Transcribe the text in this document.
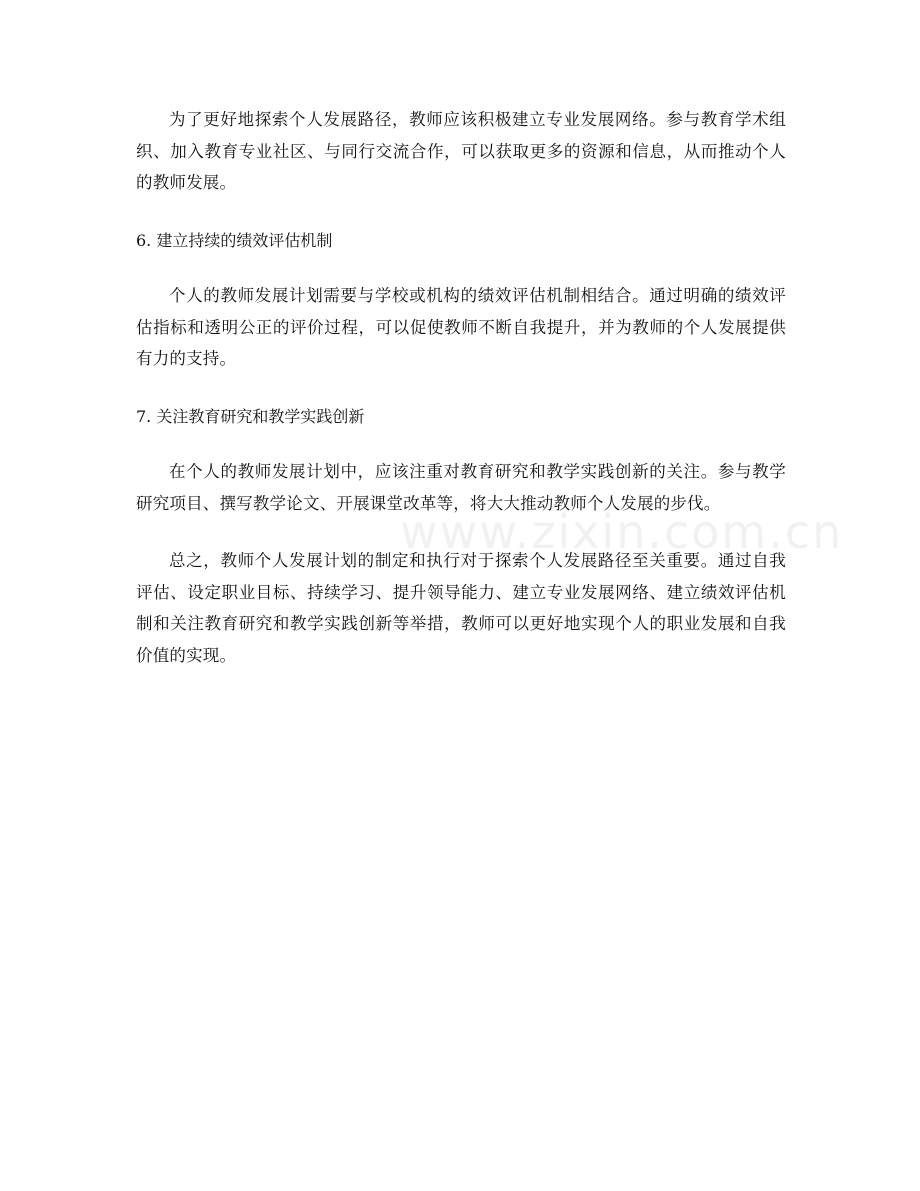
为了更好地探索个人发展路径，教师应该积极建立专业发展网络。参与教育学术组织、加入教育专业社区、与同行交流合作，可以获取更多的资源和信息，从而推动个人的教师发展。

6. 建立持续的绩效评估机制

个人的教师发展计划需要与学校或机构的绩效评估机制相结合。通过明确的绩效评估指标和透明公正的评价过程，可以促使教师不断自我提升，并为教师的个人发展提供有力的支持。

7. 关注教育研究和教学实践创新

在个人的教师发展计划中，应该注重对教育研究和教学实践创新的关注。参与教学研究项目、撰写教学论文、开展课堂改革等，将大大推动教师个人发展的步伐。

总之，教师个人发展计划的制定和执行对于探索个人发展路径至关重要。通过自我评估、设定职业目标、持续学习、提升领导能力、建立专业发展网络、建立绩效评估机制和关注教育研究和教学实践创新等举措，教师可以更好地实现个人的职业发展和自我价值的实现。

www.zixin.com.cn
